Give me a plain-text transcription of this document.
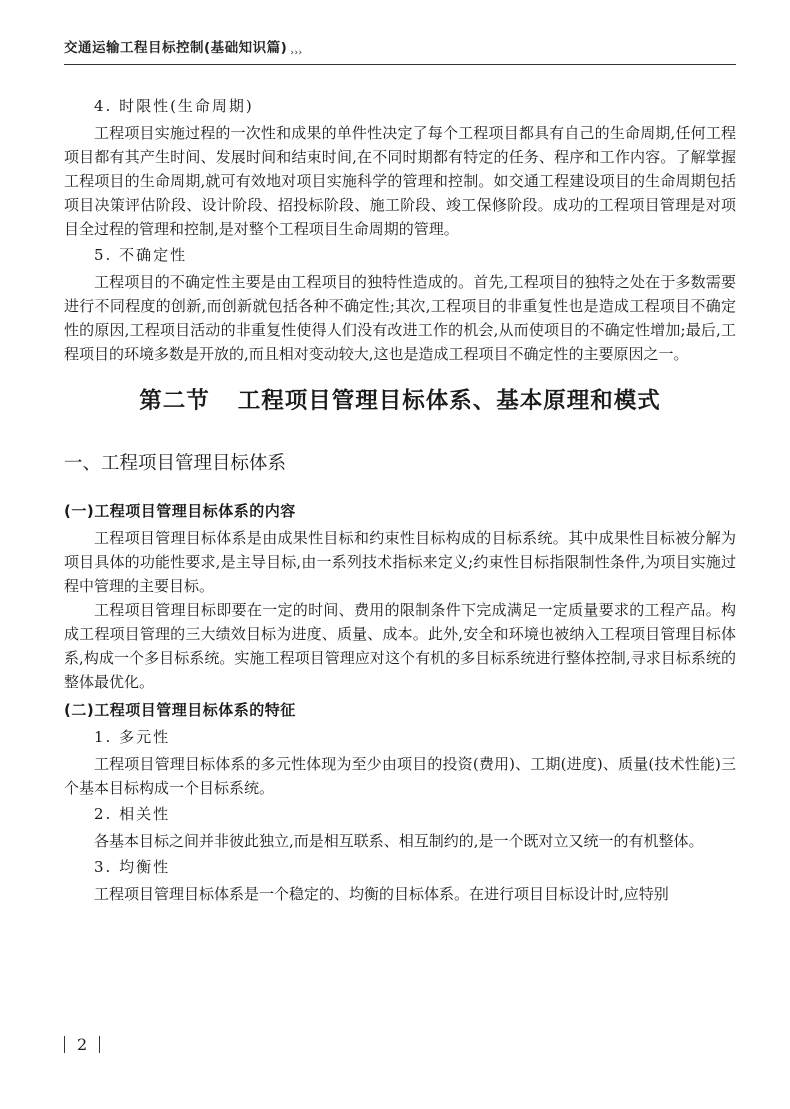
交通运输工程目标控制(基础知识篇) $_{›››}$

4. 时限性(生命周期)

工程项目实施过程的一次性和成果的单件性决定了每个工程项目都具有自己的生命周期,任何工程项目都有其产生时间、发展时间和结束时间,在不同时期都有特定的任务、程序和工作内容。了解掌握工程项目的生命周期,就可有效地对项目实施科学的管理和控制。如交通工程建设项目的生命周期包括项目决策评估阶段、设计阶段、招投标阶段、施工阶段、竣工保修阶段。成功的工程项目管理是对项目全过程的管理和控制,是对整个工程项目生命周期的管理。

5. 不确定性

工程项目的不确定性主要是由工程项目的独特性造成的。首先,工程项目的独特之处在于多数需要进行不同程度的创新,而创新就包括各种不确定性;其次,工程项目的非重复性也是造成工程项目不确定性的原因,工程项目活动的非重复性使得人们没有改进工作的机会,从而使项目的不确定性增加;最后,工程项目的环境多数是开放的,而且相对变动较大,这也是造成工程项目不确定性的主要原因之一。

第二节 工程项目管理目标体系、基本原理和模式
一、工程项目管理目标体系
(一)工程项目管理目标体系的内容

工程项目管理目标体系是由成果性目标和约束性目标构成的目标系统。其中成果性目标被分解为项目具体的功能性要求,是主导目标,由一系列技术指标来定义;约束性目标指限制性条件,为项目实施过程中管理的主要目标。

工程项目管理目标即要在一定的时间、费用的限制条件下完成满足一定质量要求的工程产品。构成工程项目管理的三大绩效目标为进度、质量、成本。此外,安全和环境也被纳入工程项目管理目标体系,构成一个多目标系统。实施工程项目管理应对这个有机的多目标系统进行整体控制,寻求目标系统的整体最优化。

(二)工程项目管理目标体系的特征

1. 多元性

工程项目管理目标体系的多元性体现为至少由项目的投资(费用)、工期(进度)、质量(技术性能)三个基本目标构成一个目标系统。

2. 相关性

各基本目标之间并非彼此独立,而是相互联系、相互制约的,是一个既对立又统一的有机整体。

3. 均衡性

工程项目管理目标体系是一个稳定的、均衡的目标体系。在进行项目目标设计时,应特别

2
